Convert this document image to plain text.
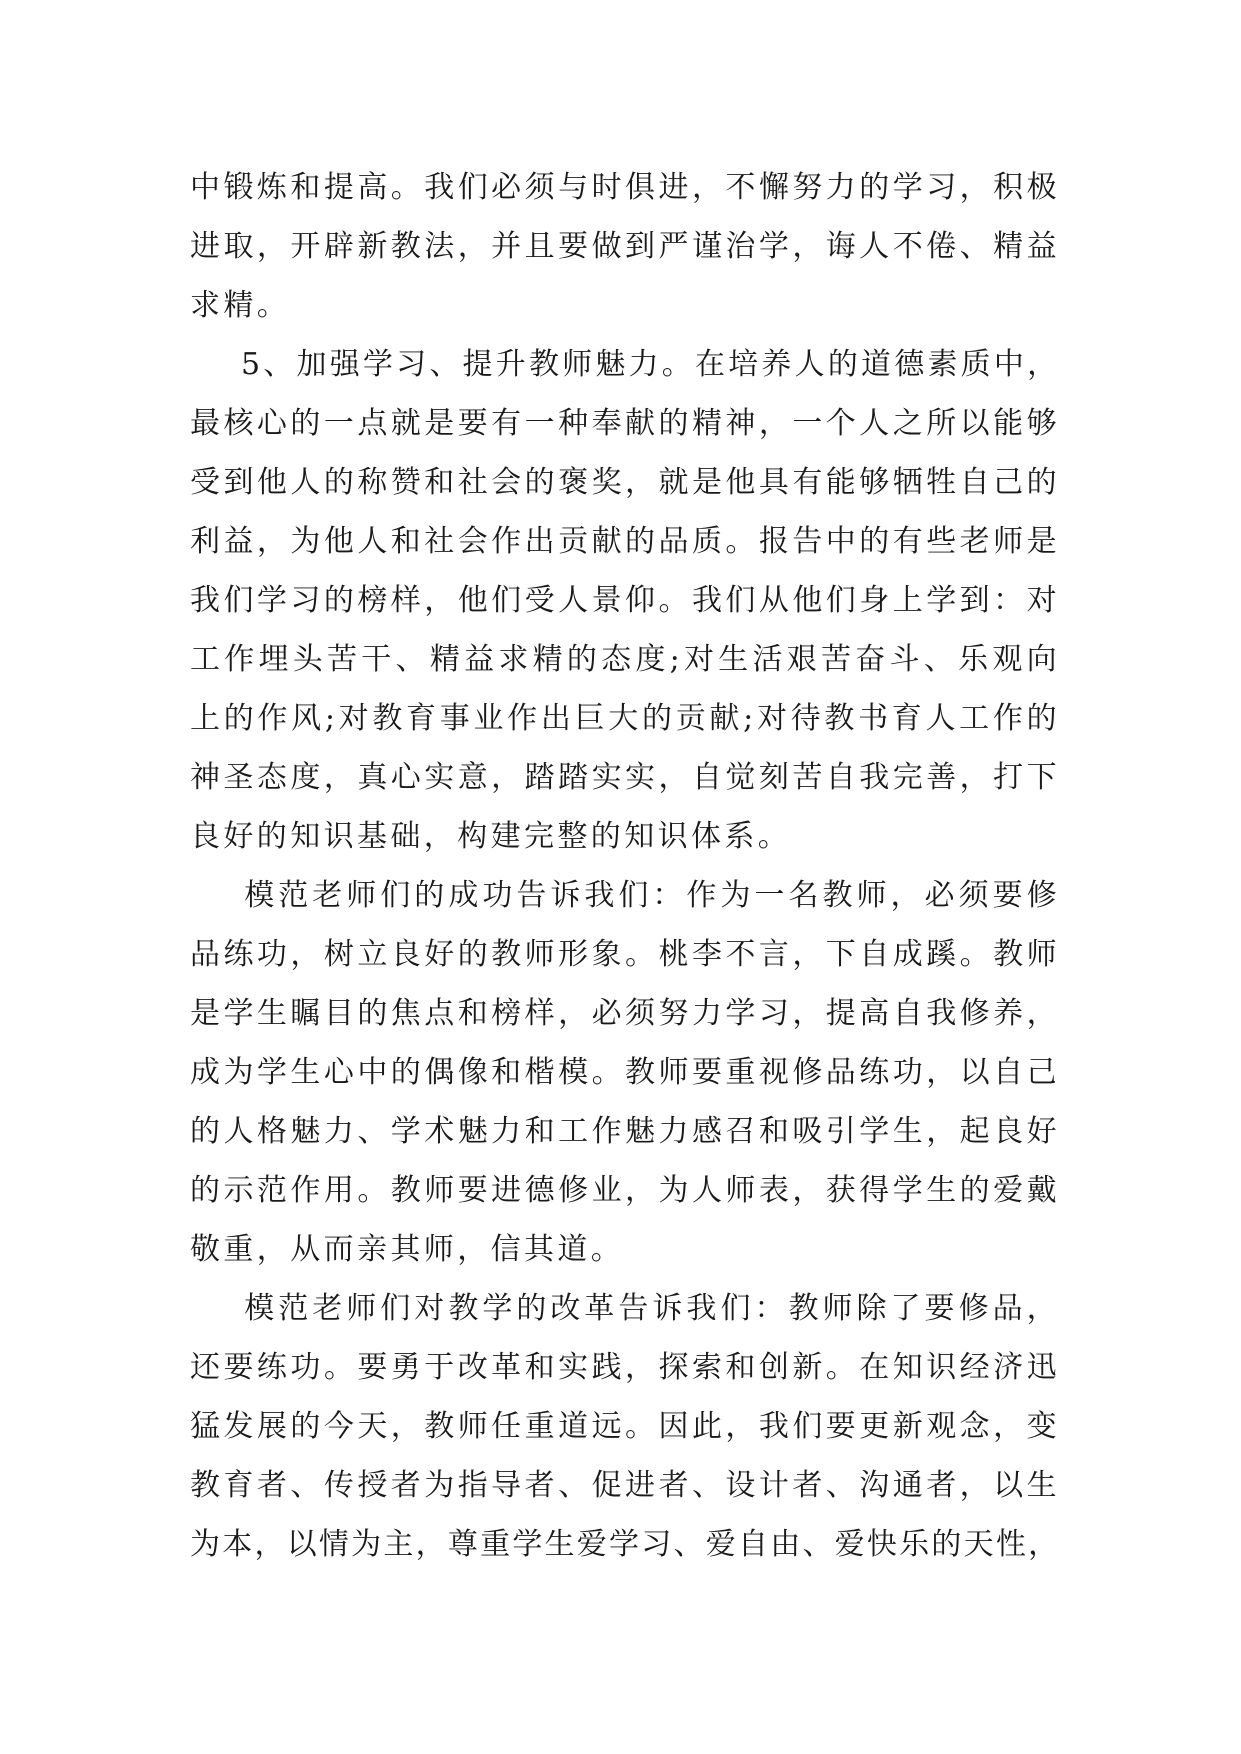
中锻炼和提高。我们必须与时俱进，不懈努力的学习，积极
进取，开辟新教法，并且要做到严谨治学，诲人不倦、精益
求精。
5、加强学习、提升教师魅力。在培养人的道德素质中，
最核心的一点就是要有一种奉献的精神，一个人之所以能够
受到他人的称赞和社会的褒奖，就是他具有能够牺牲自己的
利益，为他人和社会作出贡献的品质。报告中的有些老师是
我们学习的榜样，他们受人景仰。我们从他们身上学到：对
工作埋头苦干、精益求精的态度;对生活艰苦奋斗、乐观向
上的作风;对教育事业作出巨大的贡献;对待教书育人工作的
神圣态度，真心实意，踏踏实实，自觉刻苦自我完善，打下
良好的知识基础，构建完整的知识体系。
模范老师们的成功告诉我们：作为一名教师，必须要修
品练功，树立良好的教师形象。桃李不言，下自成蹊。教师
是学生瞩目的焦点和榜样，必须努力学习，提高自我修养，
成为学生心中的偶像和楷模。教师要重视修品练功，以自己
的人格魅力、学术魅力和工作魅力感召和吸引学生，起良好
的示范作用。教师要进德修业，为人师表，获得学生的爱戴
敬重，从而亲其师，信其道。
模范老师们对教学的改革告诉我们：教师除了要修品，
还要练功。要勇于改革和实践，探索和创新。在知识经济迅
猛发展的今天，教师任重道远。因此，我们要更新观念，变
教育者、传授者为指导者、促进者、设计者、沟通者，以生
为本，以情为主，尊重学生爱学习、爱自由、爱快乐的天性，
